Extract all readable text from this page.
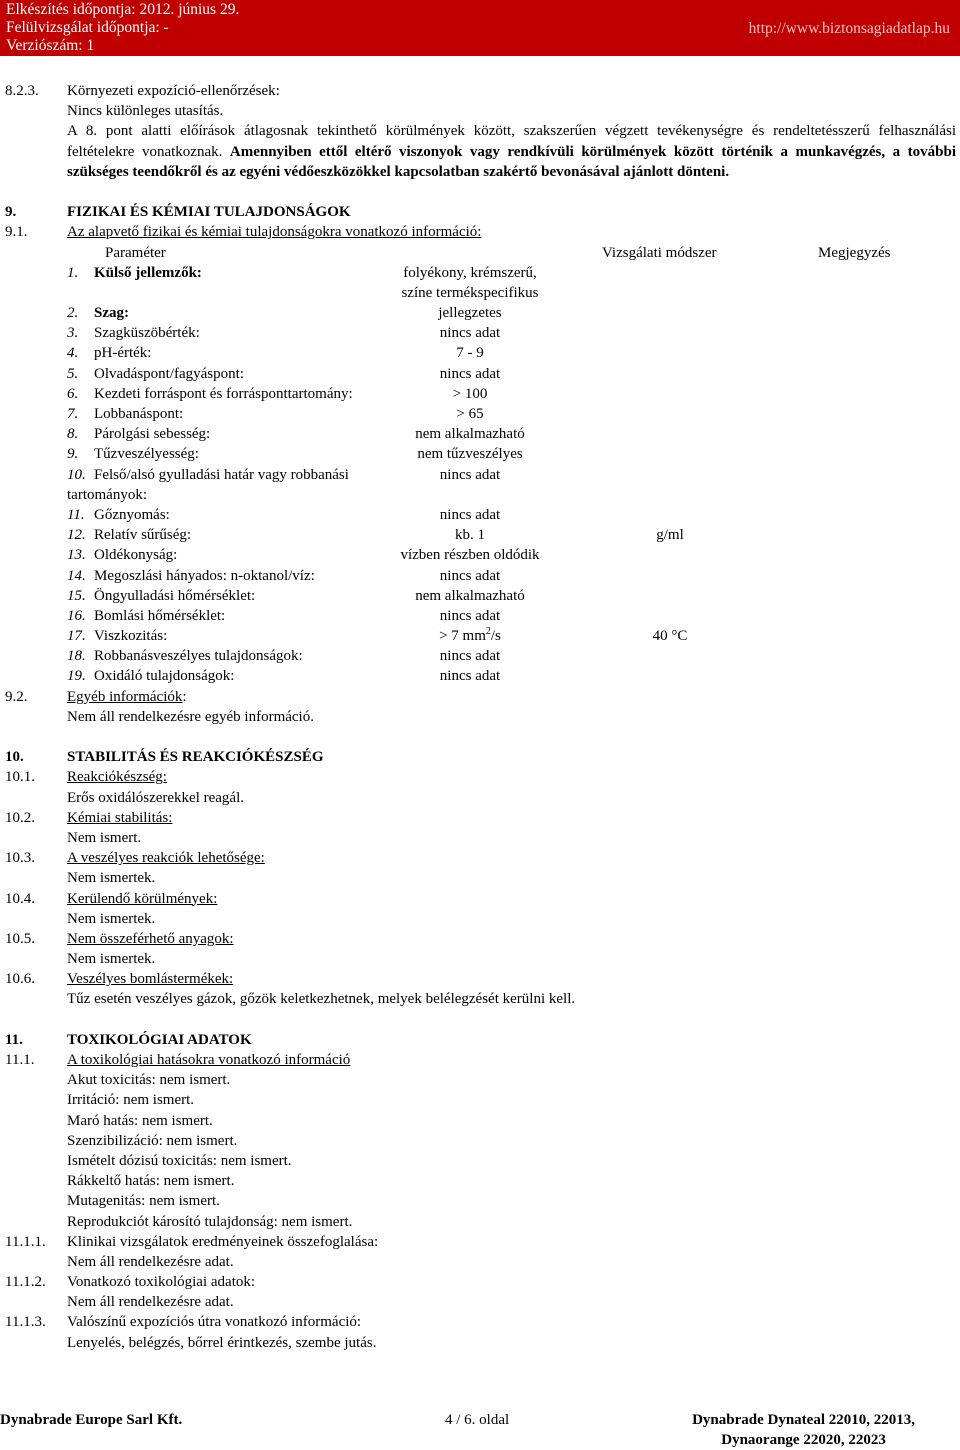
Elkészítés időpontja: 2012. június 29.
Felülvizsgálat időpontja: -
Verziószám: 1
http://www.biztonsagiadatlap.hu
8.2.3. Környezeti expozíció-ellenőrzések:
Nincs különleges utasítás.
A 8. pont alatti előírások átlagosnak tekinthető körülmények között, szakszerűen végzett tevékenységre és rendeltetésszerű felhasználási feltételekre vonatkoznak. Amennyiben ettől eltérő viszonyok vagy rendkívüli körülmények között történik a munkavégzés, a további szükséges teendőkről és az egyéni védőeszközökkel kapcsolatban szakértő bevonásával ajánlott dönteni.
9.	FIZIKAI ÉS KÉMIAI TULAJDONSÁGOK
9.1.	Az alapvető fizikai és kémiai tulajdonságokra vonatkozó információ:
Paraméter	Vizsgálati módszer	Megjegyzés
1. Külső jellemzők:	folyékony, krémszerű,
színe termékspecifikus
2. Szag:	jellegzetes
3. Szagküszöbérték:	nincs adat
4. pH-érték:	7 - 9
5. Olvadáspont/fagyáspont:	nincs adat
6. Kezdeti forráspont és forrásponttartomány:	> 100
7. Lobbanáspont:	> 65
8. Párolgási sebesség:	nem alkalmazható
9. Tűzveszélyesség:	nem tűzveszélyes
10. Felső/alsó gyulladási határ vagy robbanási	nincs adat
tartományok:
11. Gőznyomás:	nincs adat
12. Relatív sűrűség:	kb. 1	g/ml
13. Oldékonyság:	vízben részben oldódik
14. Megoszlási hányados: n-oktanol/víz:	nincs adat
15. Öngyulladási hőmérséklet:	nem alkalmazható
16. Bomlási hőmérséklet:	nincs adat
17. Viszkozitás:	> 7 $mm^2/s$	40 °C
18. Robbanásveszélyes tulajdonságok:	nincs adat
19. Oxidáló tulajdonságok:	nincs adat
9.2.	Egyéb információk:
Nem áll rendelkezésre egyéb információ.
10.	STABILITÁS ÉS REAKCIÓKÉSZSÉG
10.1. Reakciókészség:
Erős oxidálószerekkel reagál.
10.2. Kémiai stabilitás:
Nem ismert.
10.3. A veszélyes reakciók lehetősége:
Nem ismertek.
10.4. Kerülendő körülmények:
Nem ismertek.
10.5. Nem összeférhető anyagok:
Nem ismertek.
10.6. Veszélyes bomlástermékek:
Tűz esetén veszélyes gázok, gőzök keletkezhetnek, melyek belélegzését kerülni kell.
11.	TOXIKOLÓGIAI ADATOK
11.1. A toxikológiai hatásokra vonatkozó információ
Akut toxicitás: nem ismert.
Irritáció: nem ismert.
Maró hatás: nem ismert.
Szenzibilizáció: nem ismert.
Ismételt dózisú toxicitás: nem ismert.
Rákkeltő hatás: nem ismert.
Mutagenitás: nem ismert.
Reprodukciót károsító tulajdonság: nem ismert.
11.1.1. Klinikai vizsgálatok eredményeinek összefoglalása:
Nem áll rendelkezésre adat.
11.1.2. Vonatkozó toxikológiai adatok:
Nem áll rendelkezésre adat.
11.1.3. Valószínű expozíciós útra vonatkozó információ:
Lenyelés, belégzés, bőrrel érintkezés, szembe jutás.
Dynabrade Europe Sarl Kft.	4 / 6. oldal	Dynabrade Dynateal 22010, 22013,
Dynaorange 22020, 22023
